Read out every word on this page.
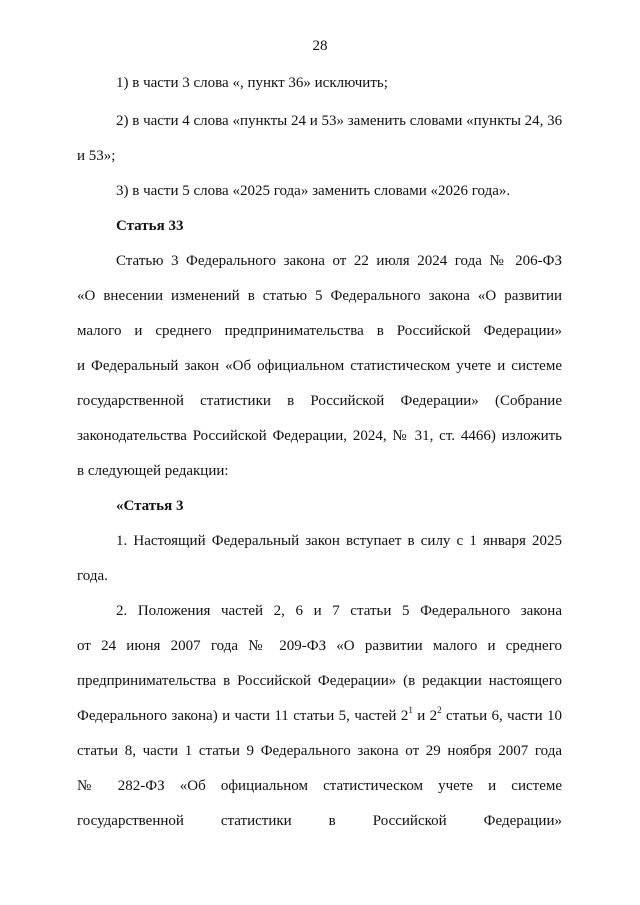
28
1) в части 3 слова «, пункт 36» исключить;
2) в части 4 слова «пункты 24 и 53» заменить словами «пункты 24, 36
и 53»;
3) в части 5 слова «2025 года» заменить словами «2026 года».
Статья 33
Статью 3 Федерального закона от 22 июля 2024 года № 206-ФЗ
«О внесении изменений в статью 5 Федерального закона «О развитии
малого и среднего предпринимательства в Российской Федерации»
и Федеральный закон «Об официальном статистическом учете и системе
государственной статистики в Российской Федерации» (Собрание
законодательства Российской Федерации, 2024, № 31, ст. 4466) изложить
в следующей редакции:
«Статья 3
1. Настоящий Федеральный закон вступает в силу с 1 января 2025
года.
2. Положения частей 2, 6 и 7 статьи 5 Федерального закона
от 24 июня 2007 года № 209-ФЗ «О развитии малого и среднего
предпринимательства в Российской Федерации» (в редакции настоящего
Федерального закона) и части 11 статьи 5, частей $2^1$ и $2^2$ статьи 6, части 10
статьи 8, части 1 статьи 9 Федерального закона от 29 ноября 2007 года
№ 282-ФЗ «Об официальном статистическом учете и системе
государственной статистики в Российской Федерации»
